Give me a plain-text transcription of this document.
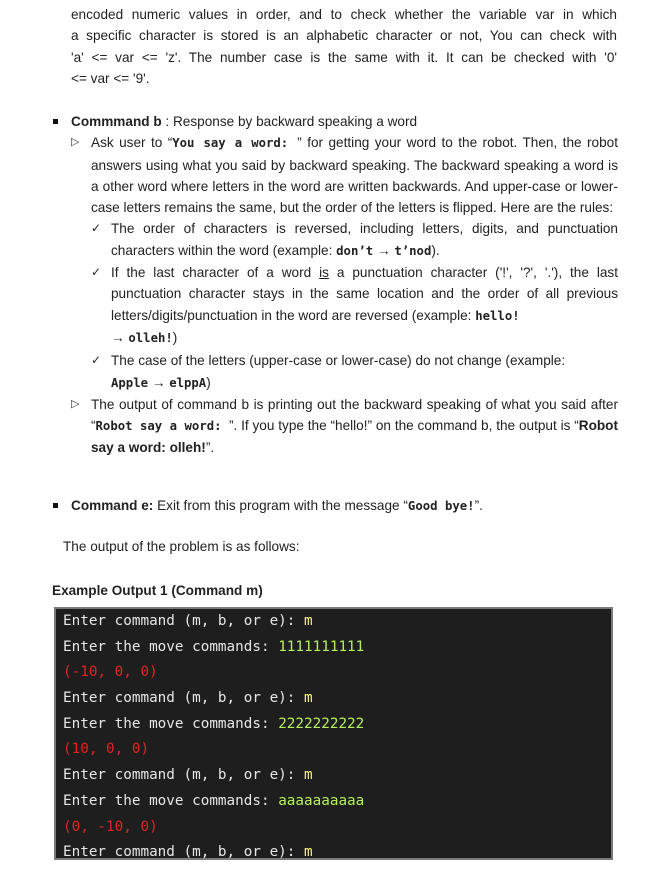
encoded numeric values in order, and to check whether the variable var in which
a specific character is stored is an alphabetic character or not, You can check with
'a' <= var <= 'z'. The number case is the same with it. It can be checked with '0'
<= var <= '9'.
Commmand b : Response by backward speaking a word
▷
Ask user to “You say a word: ” for getting your word to the robot. Then, the robot answers using what you said by backward speaking. The backward speaking a word is a other word where letters in the word are written backwards. And upper-case or lower-case letters remains the same, but the order of the letters is flipped. Here are the rules:
✓
The order of characters is reversed, including letters, digits, and punctuation characters within the word (example: don’t → t’nod).
✓
If the last character of a word is a punctuation character ('!', '?', '.'), the last punctuation character stays in the same location and the order of all previous letters/digits/punctuation in the word are reversed (example: hello!
→ olleh!)
✓
The case of the letters (upper-case or lower-case) do not change (example:
Apple → elppA)
▷
The output of command b is printing out the backward speaking of what you said after “Robot say a word: ”. If you type the “hello!” on the command b, the output is “Robot say a word: olleh!”.
Command e: Exit from this program with the message “Good bye!”.
The output of the problem is as follows:
Example Output 1 (Command m)
Enter command (m, b, or e): m
Enter the move commands: 1111111111
(-10, 0, 0)
Enter command (m, b, or e): m
Enter the move commands: 2222222222
(10, 0, 0)
Enter command (m, b, or e): m
Enter the move commands: aaaaaaaaaa
(0, -10, 0)
Enter command (m, b, or e): m
